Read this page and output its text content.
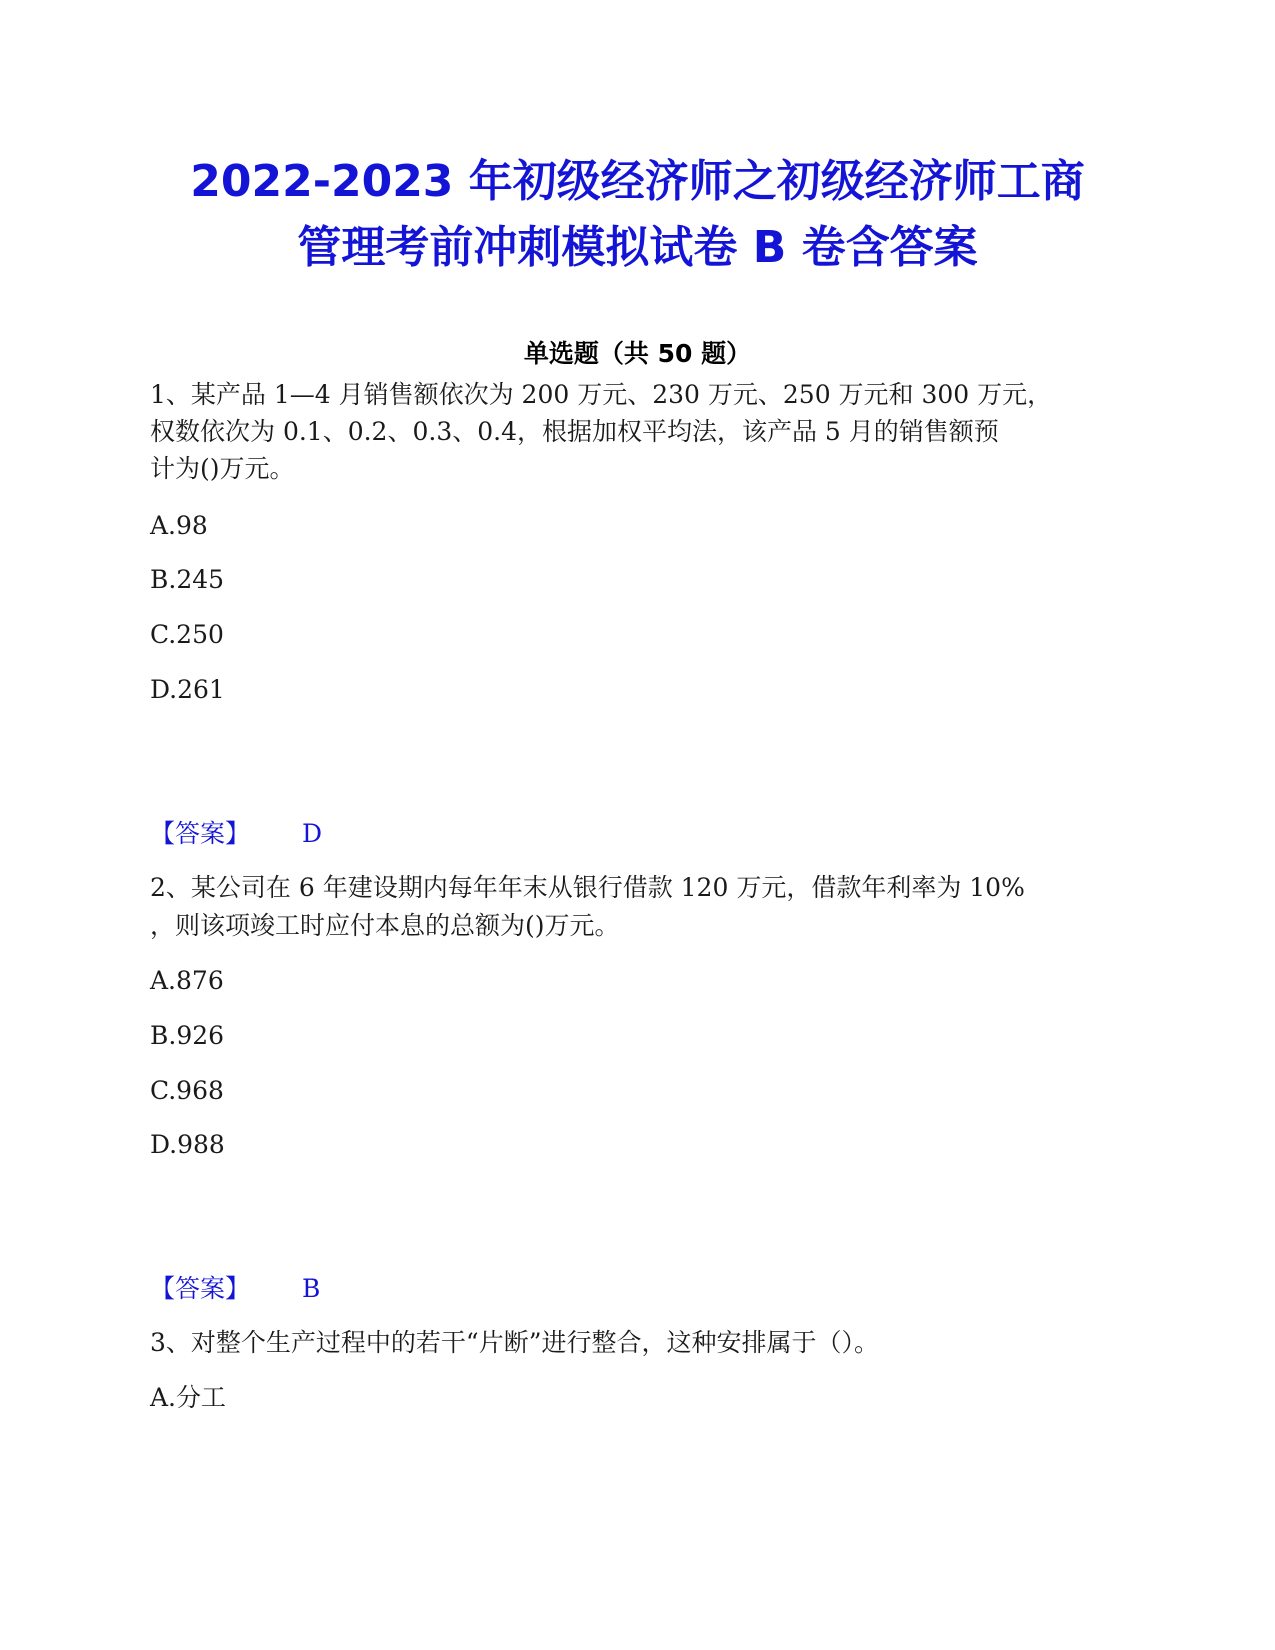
2022-2023 年初级经济师之初级经济师工商
管理考前冲刺模拟试卷 B 卷含答案
单选题（共 50 题）
1、某产品 1—4 月销售额依次为 200 万元、230 万元、250 万元和 300 万元，
权数依次为 0.1、0.2、0.3、0.4，根据加权平均法，该产品 5 月的销售额预
计为()万元。
A.98
B.245
C.250
D.261
【答案】 D
2、某公司在 6 年建设期内每年年末从银行借款 120 万元，借款年利率为 10%
，则该项竣工时应付本息的总额为()万元。
A.876
B.926
C.968
D.988
【答案】 B
3、对整个生产过程中的若干“片断”进行整合，这种安排属于（）。
A.分工
